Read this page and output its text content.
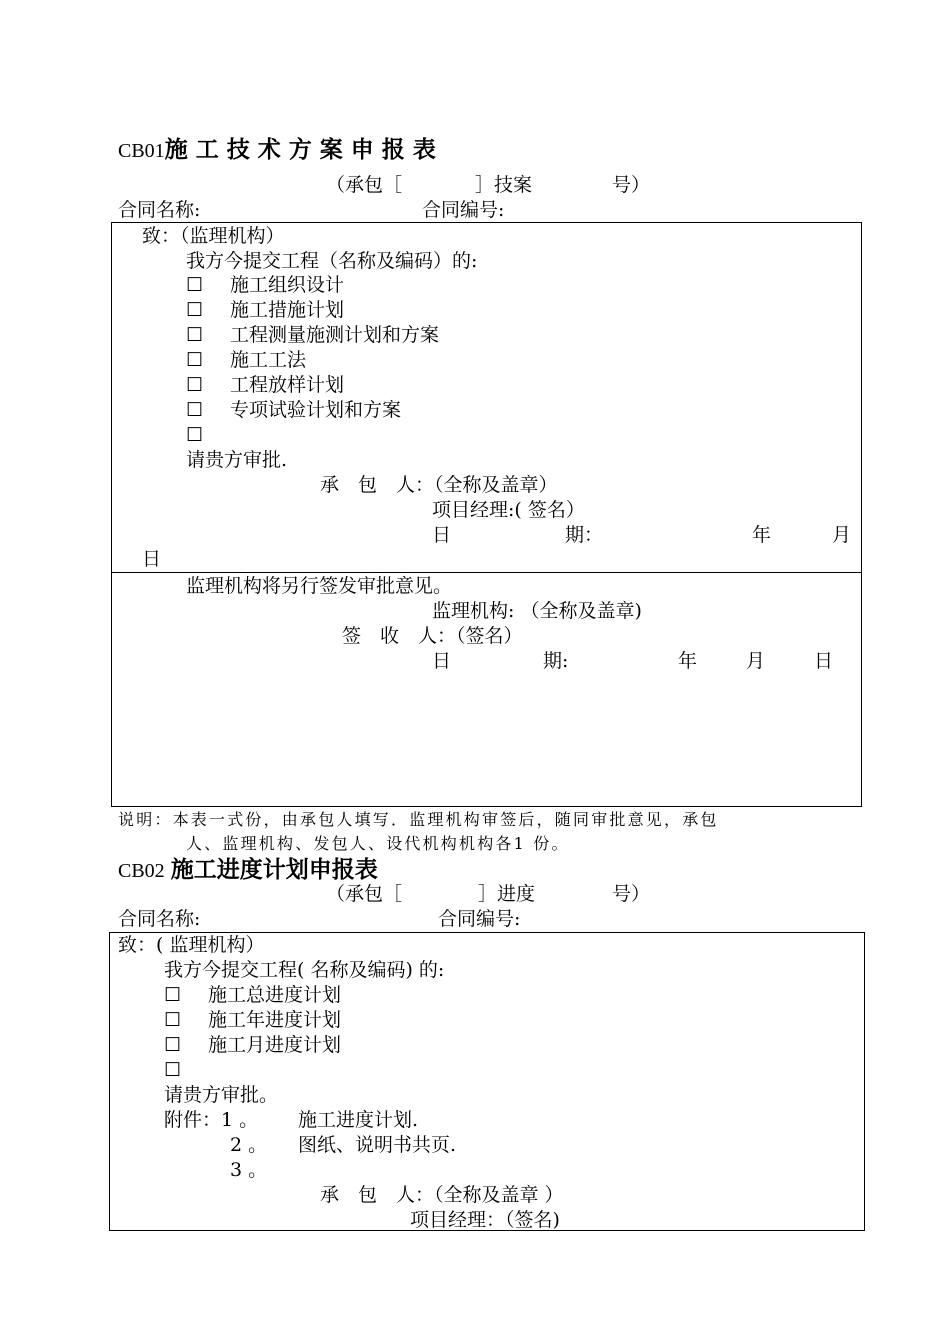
CB01施 工 技 术 方 案 申 报 表
（承包［	］技案	号）
合同名称:	合同编号:
致：（监理机构）
我方今提交工程（名称及编码）的:
☐ 施工组织设计
☐ 施工措施计划
☐ 工程测量施测计划和方案
☐ 施工工法
☐ 工程放样计划
☐ 专项试验计划和方案
☐
请贵方审批.
承　包　人：（全称及盖章）
项目经理:( 签名）
日	期：	年	月
日
监理机构将另行签发审批意见。
监理机构: （全称及盖章)
签　收　人：（签名）
日	期:	年	月	日
说明：本表一式份，由承包人填写．监理机构审签后，随同审批意见，承包
人、监理机构、发包人、设代机构机构各1 份。
CB02 施工进度计划申报表
（承包［	］进度	号）
合同名称:	合同编号:
致：( 监理机构）
我方今提交工程( 名称及编码) 的:
☐ 施工总进度计划
☐ 施工年进度计划
☐ 施工月进度计划
☐
请贵方审批。
附件：1 。 施工进度计划.
2 。 图纸、说明书共页.
3 。
承　包　人：（全称及盖章 ）
项目经理：（签名)
